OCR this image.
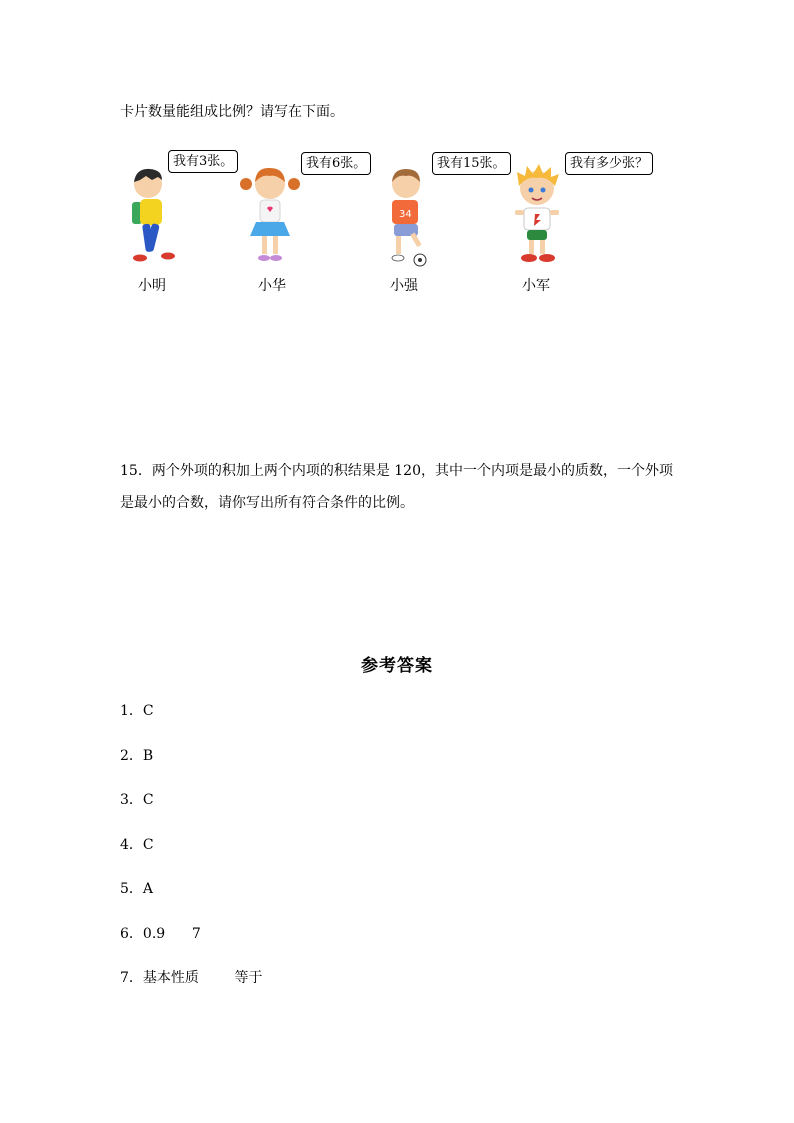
卡片数量能组成比例？请写在下面。
我有3张。	我有6张。	我有15张。	我有多少张？
34
小明	小华	小强	小军
15．两个外项的积加上两个内项的积结果是 120，其中一个内项是最小的质数，一个外项
是最小的合数，请你写出所有符合条件的比例。
参考答案
1．C
2．B
3．C
4．C
5．A
6．0.9      7
7．基本性质        等于
